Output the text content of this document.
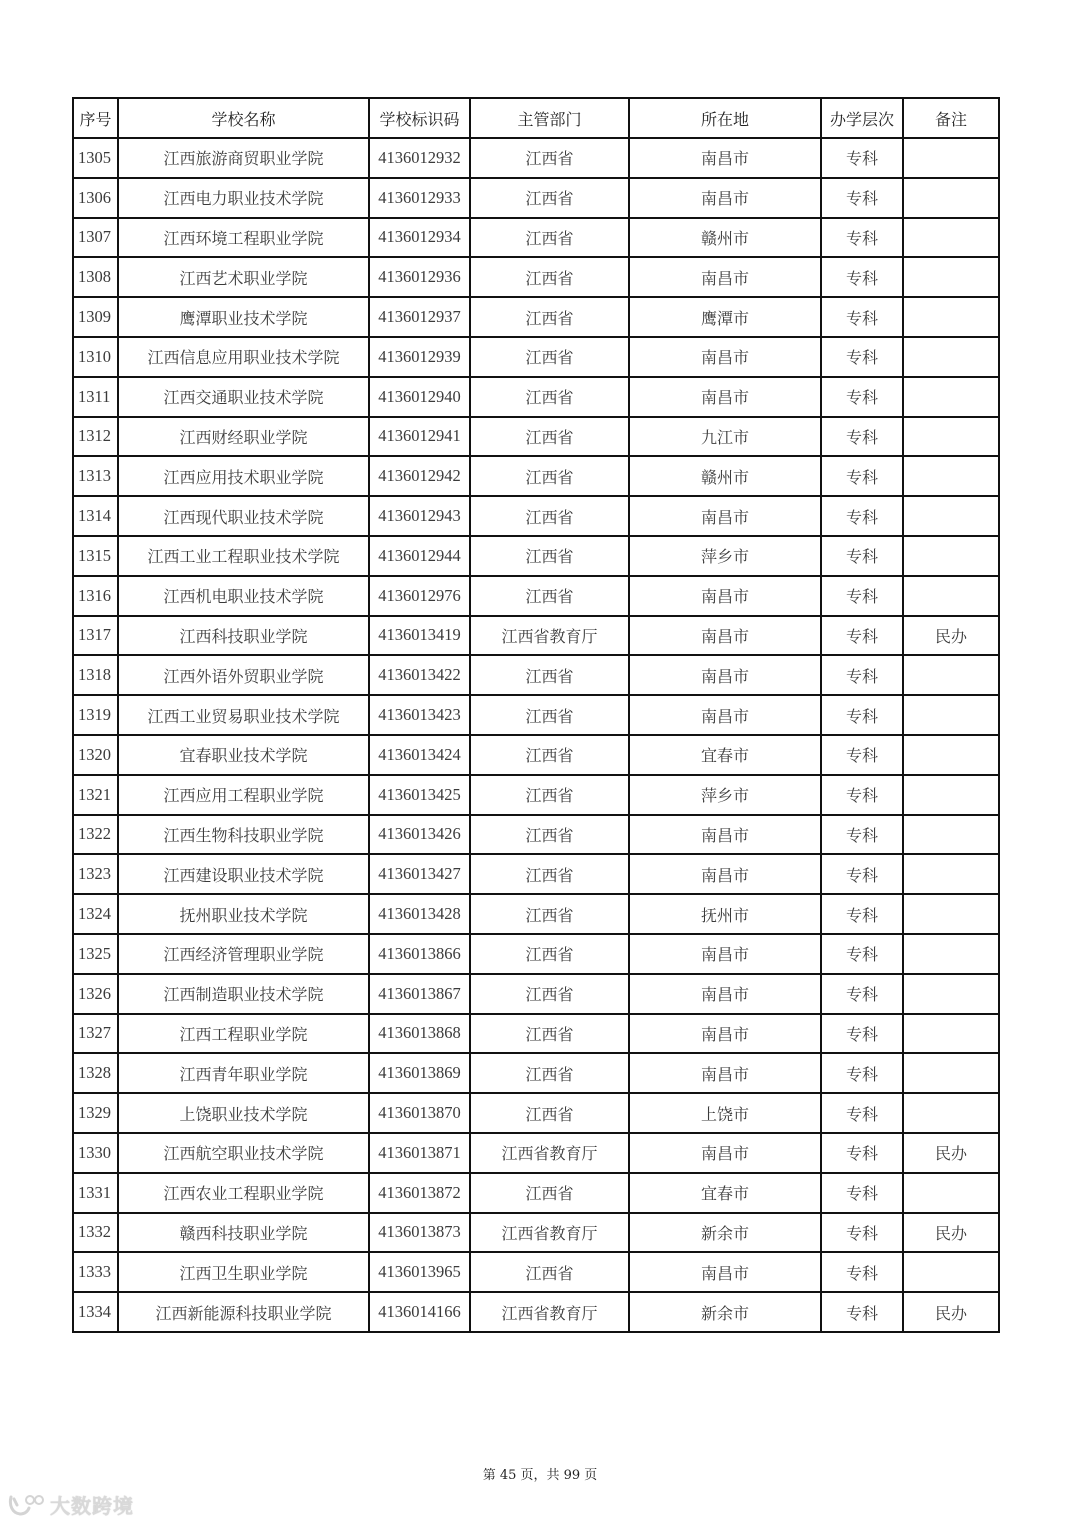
序号	学校名称	学校标识码	主管部门	所在地	办学层次	备注
1305	江西旅游商贸职业学院	4136012932	江西省	南昌市	专科	
1306	江西电力职业技术学院	4136012933	江西省	南昌市	专科	
1307	江西环境工程职业学院	4136012934	江西省	赣州市	专科	
1308	江西艺术职业学院	4136012936	江西省	南昌市	专科	
1309	鹰潭职业技术学院	4136012937	江西省	鹰潭市	专科	
1310	江西信息应用职业技术学院	4136012939	江西省	南昌市	专科	
1311	江西交通职业技术学院	4136012940	江西省	南昌市	专科	
1312	江西财经职业学院	4136012941	江西省	九江市	专科	
1313	江西应用技术职业学院	4136012942	江西省	赣州市	专科	
1314	江西现代职业技术学院	4136012943	江西省	南昌市	专科	
1315	江西工业工程职业技术学院	4136012944	江西省	萍乡市	专科	
1316	江西机电职业技术学院	4136012976	江西省	南昌市	专科	
1317	江西科技职业学院	4136013419	江西省教育厅	南昌市	专科	民办
1318	江西外语外贸职业学院	4136013422	江西省	南昌市	专科	
1319	江西工业贸易职业技术学院	4136013423	江西省	南昌市	专科	
1320	宜春职业技术学院	4136013424	江西省	宜春市	专科	
1321	江西应用工程职业学院	4136013425	江西省	萍乡市	专科	
1322	江西生物科技职业学院	4136013426	江西省	南昌市	专科	
1323	江西建设职业技术学院	4136013427	江西省	南昌市	专科	
1324	抚州职业技术学院	4136013428	江西省	抚州市	专科	
1325	江西经济管理职业学院	4136013866	江西省	南昌市	专科	
1326	江西制造职业技术学院	4136013867	江西省	南昌市	专科	
1327	江西工程职业学院	4136013868	江西省	南昌市	专科	
1328	江西青年职业学院	4136013869	江西省	南昌市	专科	
1329	上饶职业技术学院	4136013870	江西省	上饶市	专科	
1330	江西航空职业技术学院	4136013871	江西省教育厅	南昌市	专科	民办
1331	江西农业工程职业学院	4136013872	江西省	宜春市	专科	
1332	赣西科技职业学院	4136013873	江西省教育厅	新余市	专科	民办
1333	江西卫生职业学院	4136013965	江西省	南昌市	专科	
1334	江西新能源科技职业学院	4136014166	江西省教育厅	新余市	专科	民办
第 45 页，共 99 页
大数跨境
